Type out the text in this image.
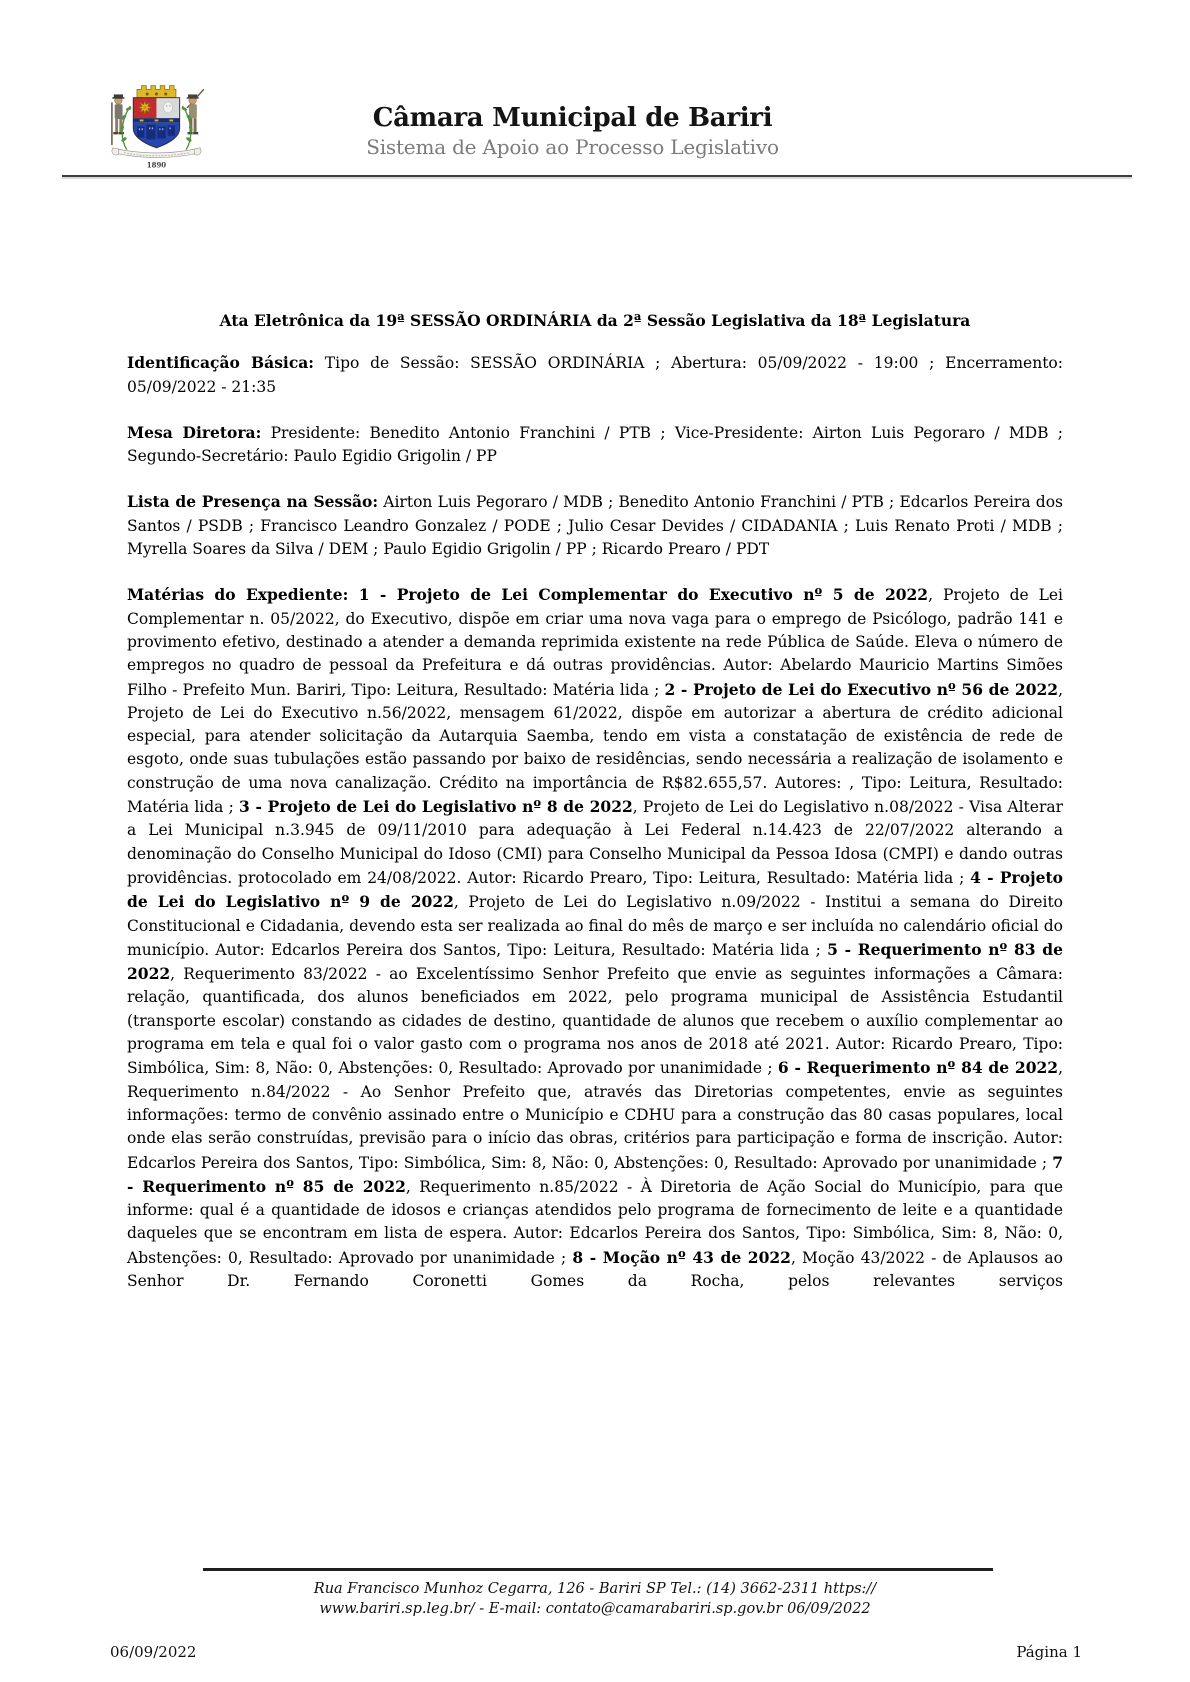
1890
Câmara Municipal de Bariri
Sistema de Apoio ao Processo Legislativo
Ata Eletrônica da 19ª SESSÃO ORDINÁRIA da 2ª Sessão Legislativa da 18ª Legislatura

Identificação Básica: Tipo de Sessão: SESSÃO ORDINÁRIA ; Abertura: 05/09/2022 - 19:00 ; Encerramento: 05/09/2022 - 21:35

Mesa Diretora: Presidente: Benedito Antonio Franchini / PTB ; Vice-Presidente: Airton Luis Pegoraro / MDB ; Segundo-Secretário: Paulo Egidio Grigolin / PP

Lista de Presença na Sessão: Airton Luis Pegoraro / MDB ; Benedito Antonio Franchini / PTB ; Edcarlos Pereira dos Santos / PSDB ; Francisco Leandro Gonzalez / PODE ; Julio Cesar Devides / CIDADANIA ; Luis Renato Proti / MDB ; Myrella Soares da Silva / DEM ; Paulo Egidio Grigolin / PP ; Ricardo Prearo / PDT

Matérias do Expediente: 1 - Projeto de Lei Complementar do Executivo nº 5 de 2022, Projeto de Lei Complementar n. 05/2022, do Executivo, dispõe em criar uma nova vaga para o emprego de Psicólogo, padrão 141 e provimento efetivo, destinado a atender a demanda reprimida existente na rede Pública de Saúde. Eleva o número de empregos no quadro de pessoal da Prefeitura e dá outras providências. Autor: Abelardo Mauricio Martins Simões Filho - Prefeito Mun. Bariri, Tipo: Leitura, Resultado: Matéria lida ; 2 - Projeto de Lei do Executivo nº 56 de 2022, Projeto de Lei do Executivo n.56/2022, mensagem 61/2022, dispõe em autorizar a abertura de crédito adicional especial, para atender solicitação da Autarquia Saemba, tendo em vista a constatação de existência de rede de esgoto, onde suas tubulações estão passando por baixo de residências, sendo necessária a realização de isolamento e construção de uma nova canalização. Crédito na importância de R$82.655,57. Autores: , Tipo: Leitura, Resultado: Matéria lida ; 3 - Projeto de Lei do Legislativo nº 8 de 2022, Projeto de Lei do Legislativo n.08/2022 - Visa Alterar a Lei Municipal n.3.945 de 09/11/2010 para adequação à Lei Federal n.14.423 de 22/07/2022 alterando a denominação do Conselho Municipal do Idoso (CMI) para Conselho Municipal da Pessoa Idosa (CMPI) e dando outras providências. protocolado em 24/08/2022. Autor: Ricardo Prearo, Tipo: Leitura, Resultado: Matéria lida ; 4 - Projeto de Lei do Legislativo nº 9 de 2022, Projeto de Lei do Legislativo n.09/2022 - Institui a semana do Direito Constitucional e Cidadania, devendo esta ser realizada ao final do mês de março e ser incluída no calendário oficial do município. Autor: Edcarlos Pereira dos Santos, Tipo: Leitura, Resultado: Matéria lida ; 5 - Requerimento nº 83 de 2022, Requerimento 83/2022 - ao Excelentíssimo Senhor Prefeito que envie as seguintes informações a Câmara: relação, quantificada, dos alunos beneficiados em 2022, pelo programa municipal de Assistência Estudantil (transporte escolar) constando as cidades de destino, quantidade de alunos que recebem o auxílio complementar ao programa em tela e qual foi o valor gasto com o programa nos anos de 2018 até 2021. Autor: Ricardo Prearo, Tipo: Simbólica, Sim: 8, Não: 0, Abstenções: 0, Resultado: Aprovado por unanimidade ; 6 - Requerimento nº 84 de 2022, Requerimento n.84/2022 - Ao Senhor Prefeito que, através das Diretorias competentes, envie as seguintes informações: termo de convênio assinado entre o Município e CDHU para a construção das 80 casas populares, local onde elas serão construídas, previsão para o início das obras, critérios para participação e forma de inscrição. Autor: Edcarlos Pereira dos Santos, Tipo: Simbólica, Sim: 8, Não: 0, Abstenções: 0, Resultado: Aprovado por unanimidade ; 7 - Requerimento nº 85 de 2022, Requerimento n.85/2022 - À Diretoria de Ação Social do Município, para que informe: qual é a quantidade de idosos e crianças atendidos pelo programa de fornecimento de leite e a quantidade daqueles que se encontram em lista de espera. Autor: Edcarlos Pereira dos Santos, Tipo: Simbólica, Sim: 8, Não: 0, Abstenções: 0, Resultado: Aprovado por unanimidade ; 8 - Moção nº 43 de 2022, Moção 43/2022 - de Aplausos ao Senhor Dr. Fernando Coronetti Gomes da Rocha, pelos relevantes serviços

Rua Francisco Munhoz Cegarra, 126 - Bariri SP Tel.: (14) 3662-2311 https://
www.bariri.sp.leg.br/ - E-mail: contato@camarabariri.sp.gov.br 06/09/2022
06/09/2022	Página 1
